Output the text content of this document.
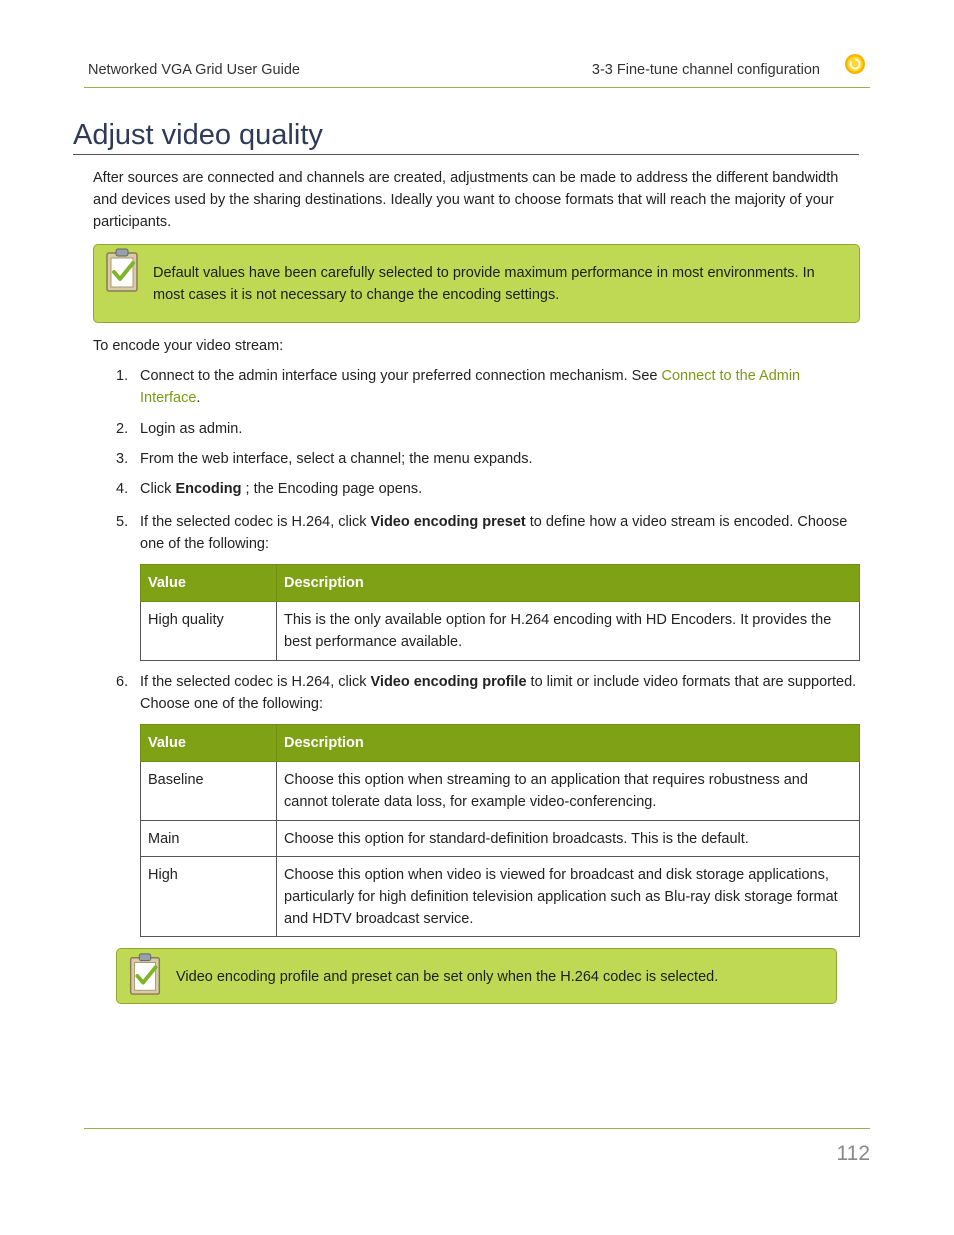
Networked VGA Grid User Guide	3-3 Fine-tune channel configuration
Adjust video quality

After sources are connected and channels are created, adjustments can be made to address the different bandwidth and devices used by the sharing destinations. Ideally you want to choose formats that will reach the majority of your participants.

Default values have been carefully selected to provide maximum performance in most environments. In most cases it is not necessary to change the encoding settings.

To encode your video stream:

1. Connect to the admin interface using your preferred connection mechanism. See Connect to the Admin Interface.
2. Login as admin.
3. From the web interface, select a channel; the menu expands.
4. Click Encoding ; the Encoding page opens.
5. If the selected codec is H.264, click Video encoding preset to define how a video stream is encoded. Choose one of the following:
Value	Description
High quality	This is the only available option for H.264 encoding with HD Encoders. It provides the best performance available.
6. If the selected codec is H.264, click Video encoding profile to limit or include video formats that are supported. Choose one of the following:
Value	Description
Baseline	Choose this option when streaming to an application that requires robustness and cannot tolerate data loss, for example video-conferencing.
Main	Choose this option for standard-definition broadcasts. This is the default.
High	Choose this option when video is viewed for broadcast and disk storage applications, particularly for high definition television application such as Blu-ray disk storage format and HDTV broadcast service.

Video encoding profile and preset can be set only when the H.264 codec is selected.

112
